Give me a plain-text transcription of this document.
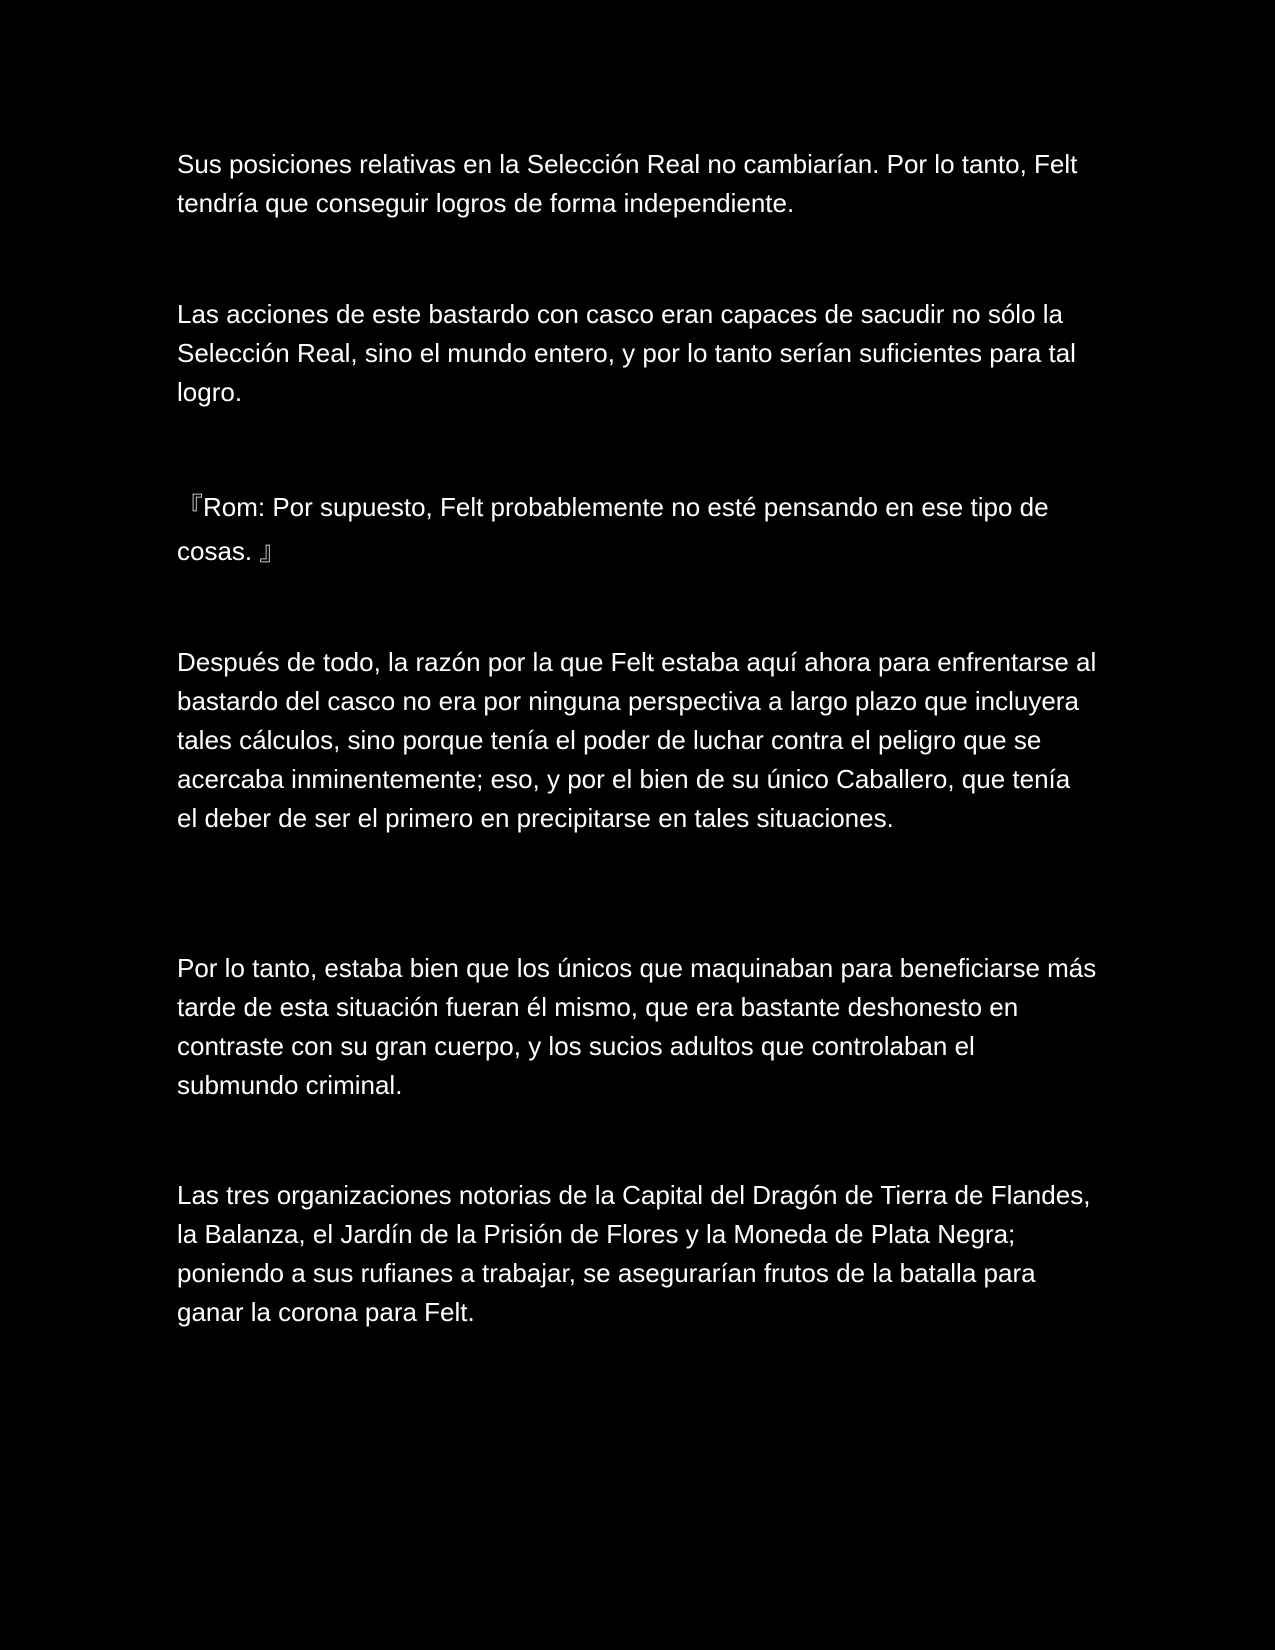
Sus posiciones relativas en la Selección Real no cambiarían. Por lo tanto, Felt tendría que conseguir logros de forma independiente.

Las acciones de este bastardo con casco eran capaces de sacudir no sólo la Selección Real, sino el mundo entero, y por lo tanto serían suficientes para tal logro.

『Rom: Por supuesto, Felt probablemente no esté pensando en ese tipo de cosas. 』

Después de todo, la razón por la que Felt estaba aquí ahora para enfrentarse al bastardo del casco no era por ninguna perspectiva a largo plazo que incluyera tales cálculos, sino porque tenía el poder de luchar contra el peligro que se acercaba inminentemente; eso, y por el bien de su único Caballero, que tenía el deber de ser el primero en precipitarse en tales situaciones.

Por lo tanto, estaba bien que los únicos que maquinaban para beneficiarse más tarde de esta situación fueran él mismo, que era bastante deshonesto en contraste con su gran cuerpo, y los sucios adultos que controlaban el submundo criminal.

Las tres organizaciones notorias de la Capital del Dragón de Tierra de Flandes, la Balanza, el Jardín de la Prisión de Flores y la Moneda de Plata Negra; poniendo a sus rufianes a trabajar, se asegurarían frutos de la batalla para ganar la corona para Felt.
